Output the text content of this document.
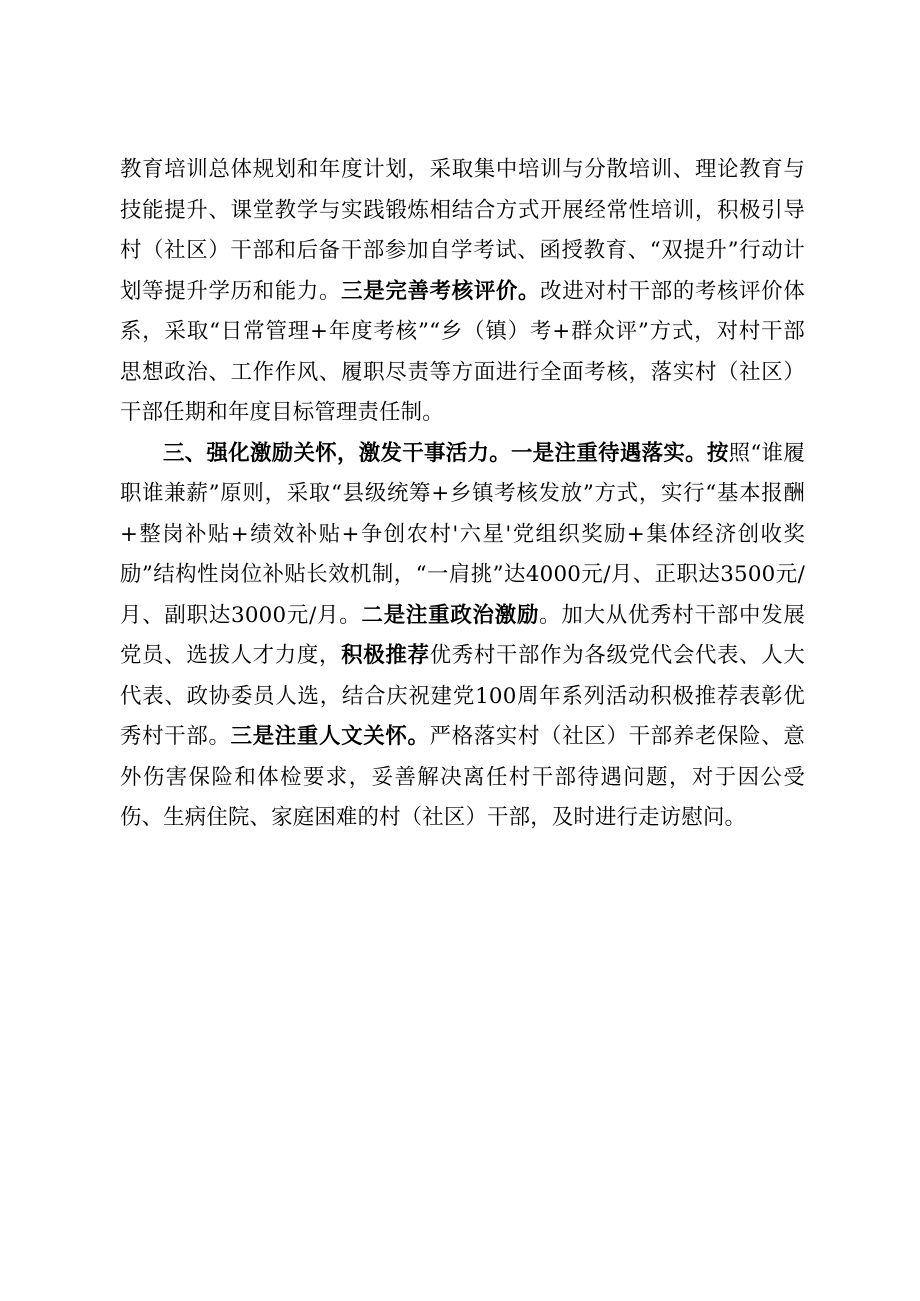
教育培训总体规划和年度计划，采取集中培训与分散培训、理论教育与技能提升、课堂教学与实践锻炼相结合方式开展经常性培训，积极引导村（社区）干部和后备干部参加自学考试、函授教育、“双提升”行动计划等提升学历和能力。三是完善考核评价。改进对村干部的考核评价体系，采取“日常管理+年度考核”“乡（镇）考+群众评”方式，对村干部思想政治、工作作风、履职尽责等方面进行全面考核，落实村（社区）干部任期和年度目标管理责任制。

三、强化激励关怀，激发干事活力。一是注重待遇落实。按照“谁履职谁兼薪”原则，采取“县级统筹+乡镇考核发放”方式，实行“基本报酬+整岗补贴+绩效补贴+争创农村'六星'党组织奖励+集体经济创收奖励”结构性岗位补贴长效机制，“一肩挑”达4000元/月、正职达3500元/月、副职达3000元/月。二是注重政治激励。加大从优秀村干部中发展党员、选拔人才力度，积极推荐优秀村干部作为各级党代会代表、人大代表、政协委员人选，结合庆祝建党100周年系列活动积极推荐表彰优秀村干部。三是注重人文关怀。严格落实村（社区）干部养老保险、意外伤害保险和体检要求，妥善解决离任村干部待遇问题，对于因公受伤、生病住院、家庭困难的村（社区）干部，及时进行走访慰问。
